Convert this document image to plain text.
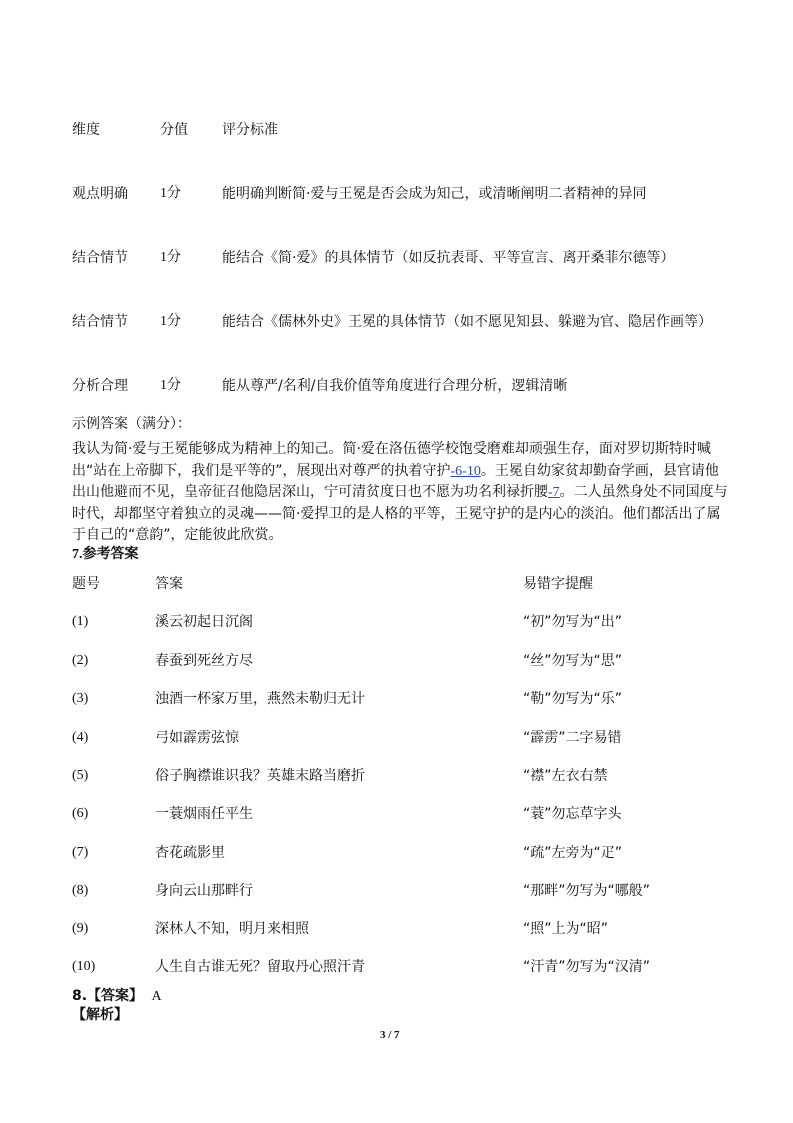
维度	分值 评分标准
观点明确 1分	能明确判断简·爱与王冕是否会成为知己，或清晰阐明二者精神的异同
结合情节 1分	能结合《简·爱》的具体情节（如反抗表哥、平等宣言、离开桑菲尔德等）
结合情节 1分	能结合《儒林外史》王冕的具体情节（如不愿见知县、躲避为官、隐居作画等）
分析合理 1分	能从尊严/名利/自我价值等角度进行合理分析，逻辑清晰
示例答案（满分）：
我认为简·爱与王冕能够成为精神上的知己。简·爱在洛伍德学校饱受磨难却顽强生存，面对罗切斯特时喊出“站在上帝脚下，我们是平等的”，展现出对尊严的执着守护-6-10。王冕自幼家贫却勤奋学画，县官请他出山他避而不见，皇帝征召他隐居深山，宁可清贫度日也不愿为功名利禄折腰-7。二人虽然身处不同国度与时代，却都坚守着独立的灵魂——简·爱捍卫的是人格的平等，王冕守护的是内心的淡泊。他们都活出了属于自己的“意韵”，定能彼此欣赏。
7.参考答案
题号	答案	易错字提醒
(1)	溪云初起日沉阁	“初”勿写为“出”
(2)	春蚕到死丝方尽	“丝”勿写为“思”
(3)	浊酒一杯家万里，燕然未勒归无计	“勒”勿写为“乐”
(4)	弓如霹雳弦惊	“霹雳”二字易错
(5)	俗子胸襟谁识我？英雄末路当磨折	“襟”左衣右禁
(6)	一蓑烟雨任平生	“蓑”勿忘草字头
(7)	杏花疏影里	“疏”左旁为“疋”
(8)	身向云山那畔行	“那畔”勿写为“哪般”
(9)	深林人不知，明月来相照	“照”上为“昭”
(10)	人生自古谁无死？留取丹心照汗青	“汗青”勿写为“汉清”
8.【答案】 A
【解析】
3 / 7
